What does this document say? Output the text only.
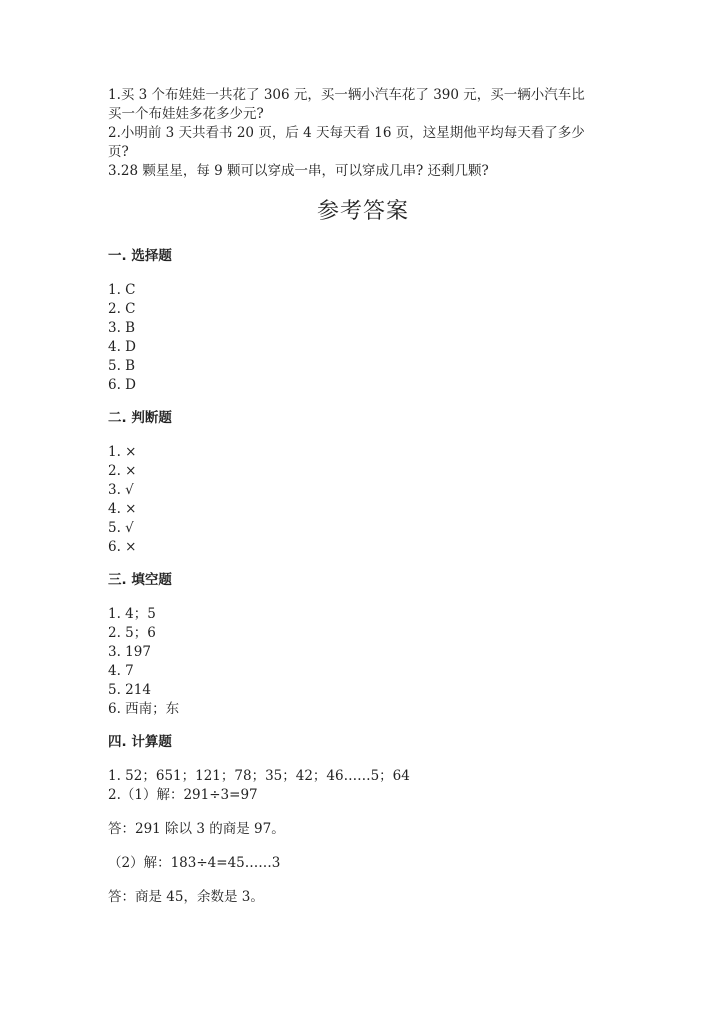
1.买 3 个布娃娃一共花了 306 元，买一辆小汽车花了 390 元，买一辆小汽车比
买一个布娃娃多花多少元?
2.小明前 3 天共看书 20 页，后 4 天每天看 16 页，这星期他平均每天看了多少
页?
3.28 颗星星，每 9 颗可以穿成一串，可以穿成几串? 还剩几颗?
参考答案
一. 选择题
1. C
2. C
3. B
4. D
5. B
6. D
二. 判断题
1. ×
2. ×
3. √
4. ×
5. √
6. ×
三. 填空题
1. 4；5
2. 5；6
3. 197
4. 7
5. 214
6. 西南；东
四. 计算题
1. 52；651；121；78；35；42；46……5；64
2.（1）解：291÷3=97
答：291 除以 3 的商是 97。
（2）解：183÷4=45……3
答：商是 45，余数是 3。
